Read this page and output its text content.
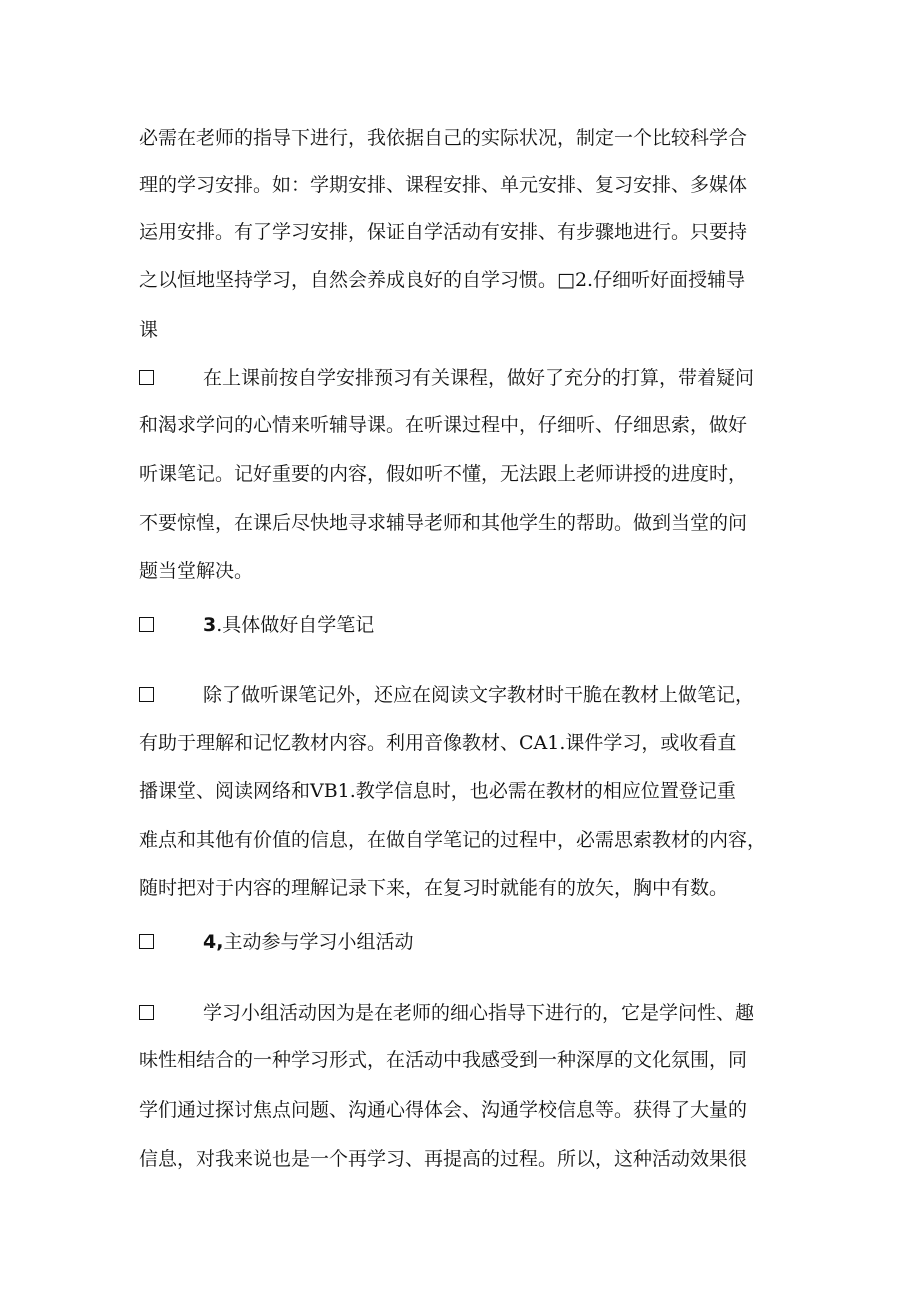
必需在老师的指导下进行，我依据自己的实际状况，制定一个比较科学合
理的学习安排。如：学期安排、课程安排、单元安排、复习安排、多媒体
运用安排。有了学习安排，保证自学活动有安排、有步骤地进行。只要持
之以恒地坚持学习，自然会养成良好的自学习惯。□2.仔细听好面授辅导
课
在上课前按自学安排预习有关课程，做好了充分的打算，带着疑问
和渴求学问的心情来听辅导课。在听课过程中，仔细听、仔细思索，做好
听课笔记。记好重要的内容，假如听不懂，无法跟上老师讲授的进度时，
不要惊惶，在课后尽快地寻求辅导老师和其他学生的帮助。做到当堂的问
题当堂解决。
3.具体做好自学笔记
除了做听课笔记外，还应在阅读文字教材时干脆在教材上做笔记，
有助于理解和记忆教材内容。利用音像教材、CA1.课件学习，或收看直
播课堂、阅读网络和VB1.教学信息时，也必需在教材的相应位置登记重
难点和其他有价值的信息，在做自学笔记的过程中，必需思索教材的内容，
随时把对于内容的理解记录下来，在复习时就能有的放矢，胸中有数。
4,主动参与学习小组活动
学习小组活动因为是在老师的细心指导下进行的，它是学问性、趣
味性相结合的一种学习形式，在活动中我感受到一种深厚的文化氛围，同
学们通过探讨焦点问题、沟通心得体会、沟通学校信息等。获得了大量的
信息，对我来说也是一个再学习、再提高的过程。所以，这种活动效果很
